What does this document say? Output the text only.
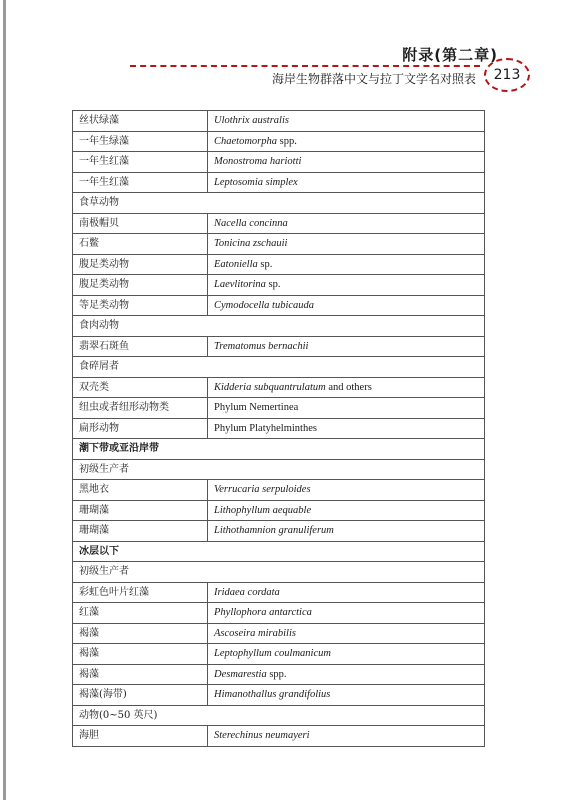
附录(第二章)
海岸生物群落中文与拉丁文学名对照表	213
丝状绿藻	Ulothrix australis
一年生绿藻	Chaetomorpha spp.
一年生红藻	Monostroma hariotti
一年生红藻	Leptosomia simplex
食草动物	
南极帽贝	Nacella concinna
石鳖	Tonicina zschauii
腹足类动物	Eatoniella sp.
腹足类动物	Laevlitorina sp.
等足类动物	Cymodocella tubicauda
食肉动物	
翡翠石斑鱼	Trematomus bernachii
食碎屑者	
双壳类	Kidderia subquantrulatum and others
纽虫或者纽形动物类	Phylum Nemertinea
扁形动物	Phylum Platyhelminthes
潮下带或亚沿岸带	
初级生产者	
黑地衣	Verrucaria serpuloides
珊瑚藻	Lithophyllum aequable
珊瑚藻	Lithothamnion granuliferum
冰层以下	
初级生产者	
彩虹色叶片红藻	Iridaea cordata
红藻	Phyllophora antarctica
褐藻	Ascoseira mirabilis
褐藻	Leptophyllum coulmanicum
褐藻	Desmarestia spp.
褐藻(海带)	Himanothallus grandifolius
动物(0~50 英尺)	
海胆	Sterechinus neumayeri
